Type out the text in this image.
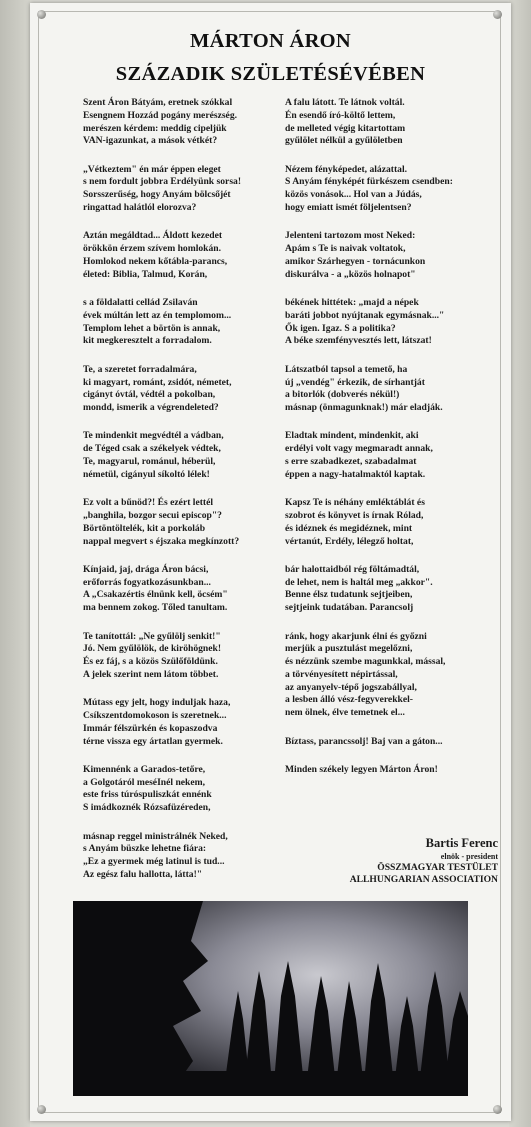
MÁRTON ÁRON
SZÁZADIK SZÜLETÉSÉVÉBEN
Szent Áron Bátyám, eretnek szókkal
Esengnem Hozzád pogány merészség.
merészen kérdem: meddig cipeljük
VAN-igazunkat, a mások vétkét?
„Vétkeztem" én már éppen eleget
s nem fordult jobbra Erdélyünk sorsa!
Sorsszerűség, hogy Anyám bölcsőjét
ringattad halátlól elorozva?
Aztán megáldtad... Áldott kezedet
örökkön érzem szívem homlokán.
Homlokod nekem kőtábla-parancs,
életed: Biblia, Talmud, Korán,
s a földalatti cellád Zsilaván
évek múltán lett az én templomom...
Templom lehet a börtön is annak,
kit megkeresztelt a forradalom.
Te, a szeretet forradalmára,
ki magyart, románt, zsidót, németet,
cigányt óvtál, védtél a pokolban,
mondd, ismerik a végrendeleted?
Te mindenkit megvédtél a vádban,
de Téged csak a székelyek védtek,
Te, magyarul, románul, héberül,
németül, cigányul síkoltó lélek!
Ez volt a bűnöd?! És ezért lettél
„banghila, bozgor secui episcop"?
Börtöntöltelék, kit a porkoláb
nappal megvert s éjszaka megkínzott?
Kínjaid, jaj, drága Áron bácsi,
erőforrás fogyatkozásunkban...
A „Csakazértis élnünk kell, öcsém"
ma bennem zokog. Tőled tanultam.
Te tanítottál: „Ne gyűlölj senkit!"
Jó. Nem gyűlölök, de kiröhögnek!
És ez fáj, s a közös Szülőföldünk.
A jelek szerint nem látom többet.
Mútass egy jelt, hogy induljak haza,
Csíkszentdomokoson is szeretnek...
Immár félszürkén és kopaszodva
térne vissza egy ártatlan gyermek.
Kimennénk a Garados-tetőre,
a Golgotáról meséInél nekem,
este friss túróspuliszkát ennénk
S imádkoznék Rózsafüzéreden,
másnap reggel ministrálnék Neked,
s Anyám büszke lehetne fiára:
„Ez a gyermek még latinul is tud...
Az egész falu hallotta, látta!"
A falu látott. Te látnok voltál.
Én esendő író-költő lettem,
de melleted végig kitartottam
gyűlölet nélkül a gyűlöletben
Nézem fényképedet, alázattal.
S Anyám fényképét fürkészem csendben:
közös vonások... Hol van a Júdás,
hogy emiatt ismét följelentsen?
Jelenteni tartozom most Neked:
Apám s Te is naivak voltatok,
amikor Szárhegyen - tornácunkon
diskurálva - a „közös holnapot"
békének hittétek: „majd a népek
baráti jobbot nyújtanak egymásnak..."
Ők igen. Igaz. S a politika?
A béke szemfényvesztés lett, látszat!
Látszatból tapsol a temető, ha
új „vendég" érkezik, de sírhantját
a bitorlók (dobverés nékül!)
másnap (önmagunknak!) már eladják.
Eladtak mindent, mindenkit, aki
erdélyi volt vagy megmaradt annak,
s erre szabadkezet, szabadalmat
éppen a nagy-hatalmaktól kaptak.
Kapsz Te is néhány emléktáblát és
szobrot és könyvet is írnak Rólad,
és idéznek és megidéznek, mint
vértanút, Erdély, lélegző holtat,
bár halottaidból rég föltámadtál,
de lehet, nem is haltál meg „akkor".
Benne élsz tudatunk sejtjeiben,
sejtjeink tudatában. Parancsolj
ránk, hogy akarjunk élni és győzni
merjük a pusztulást megelőzni,
és nézzünk szembe magunkkal, mással,
a törvényesített népirtással,
az anyanyelv-tépő jogszabállyal,
a lesben álló vész-fegyverekkel-
nem ölnek, élve temetnek el...
Bíztass, parancssolj! Baj van a gáton...
Minden székely legyen Márton Áron!
Bartis Ferenc
elnök - president
ÖSSZMAGYAR TESTÜLET
ALLHUNGARIAN ASSOCIATION
